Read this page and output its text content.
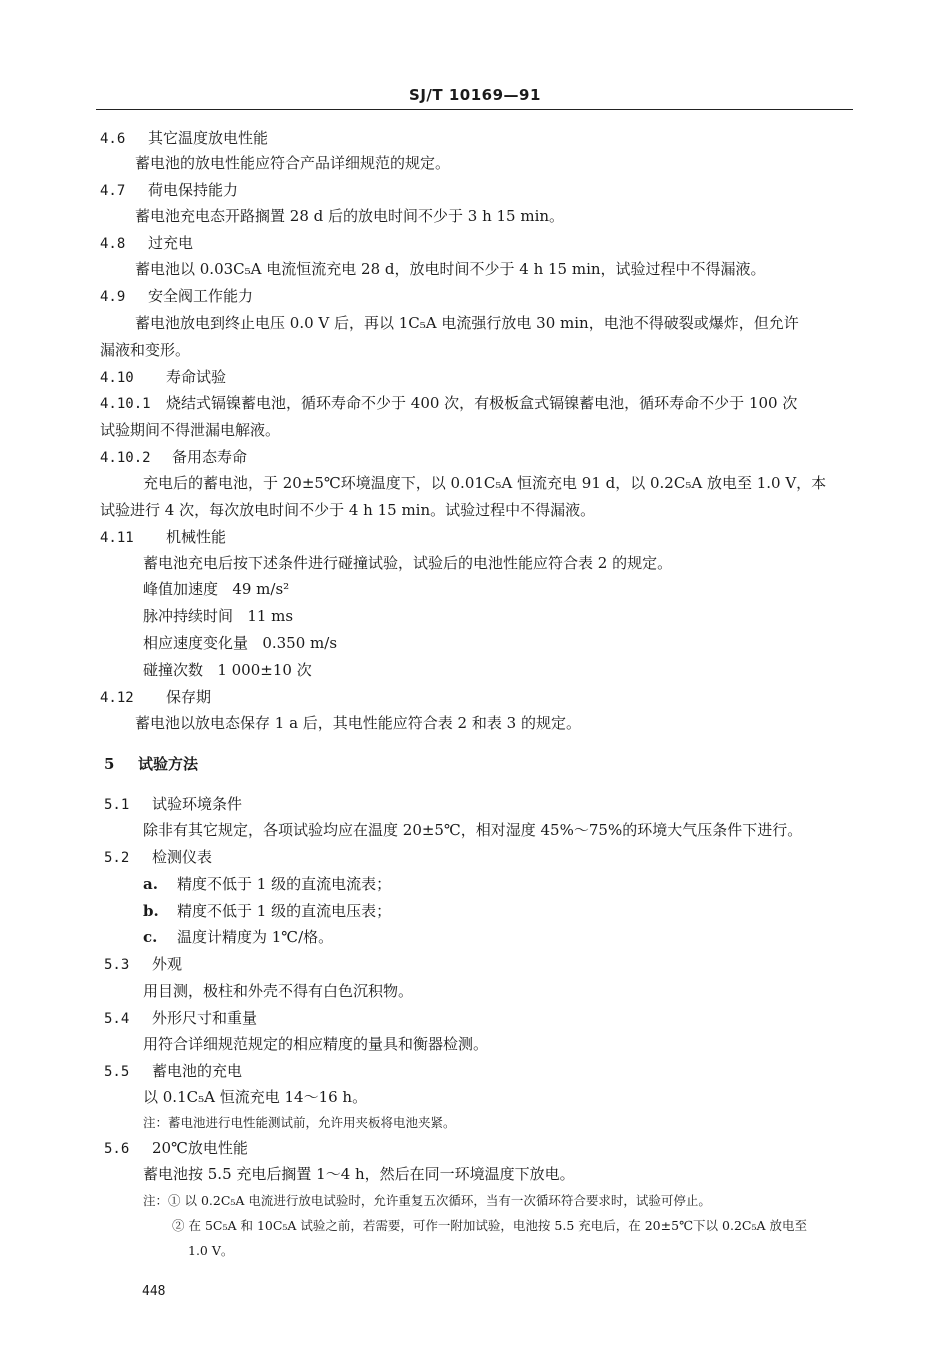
SJ/T 10169—91
4.6 其它温度放电性能
蓄电池的放电性能应符合产品详细规范的规定。
4.7 荷电保持能力
蓄电池充电态开路搁置 28 d 后的放电时间不少于 3 h 15 min。
4.8 过充电
蓄电池以 0.03C₅A 电流恒流充电 28 d，放电时间不少于 4 h 15 min，试验过程中不得漏液。
4.9 安全阀工作能力
蓄电池放电到终止电压 0.0 V 后，再以 1C₅A 电流强行放电 30 min，电池不得破裂或爆炸，但允许
漏液和变形。
4.10 寿命试验
4.10.1 烧结式镉镍蓄电池，循环寿命不少于 400 次，有极板盒式镉镍蓄电池，循环寿命不少于 100 次
试验期间不得泄漏电解液。
4.10.2 备用态寿命
充电后的蓄电池，于 20±5℃环境温度下，以 0.01C₅A 恒流充电 91 d，以 0.2C₅A 放电至 1.0 V，本
试验进行 4 次，每次放电时间不少于 4 h 15 min。试验过程中不得漏液。
4.11 机械性能
蓄电池充电后按下述条件进行碰撞试验，试验后的电池性能应符合表 2 的规定。
峰值加速度 49 m/s²
脉冲持续时间 11 ms
相应速度变化量 0.350 m/s
碰撞次数 1 000±10 次
4.12 保存期
蓄电池以放电态保存 1 a 后，其电性能应符合表 2 和表 3 的规定。
5 试验方法
5.1 试验环境条件
除非有其它规定，各项试验均应在温度 20±5℃，相对湿度 45%～75%的环境大气压条件下进行。
5.2 检测仪表
a. 精度不低于 1 级的直流电流表；
b. 精度不低于 1 级的直流电压表；
c. 温度计精度为 1℃/格。
5.3 外观
用目测，极柱和外壳不得有白色沉积物。
5.4 外形尺寸和重量
用符合详细规范规定的相应精度的量具和衡器检测。
5.5 蓄电池的充电
以 0.1C₅A 恒流充电 14～16 h。
注：蓄电池进行电性能测试前，允许用夹板将电池夹紧。
5.6 20℃放电性能
蓄电池按 5.5 充电后搁置 1～4 h，然后在同一环境温度下放电。
注：① 以 0.2C₅A 电流进行放电试验时，允许重复五次循环，当有一次循环符合要求时，试验可停止。
② 在 5C₅A 和 10C₅A 试验之前，若需要，可作一附加试验，电池按 5.5 充电后，在 20±5℃下以 0.2C₅A 放电至
1.0 V。
448
